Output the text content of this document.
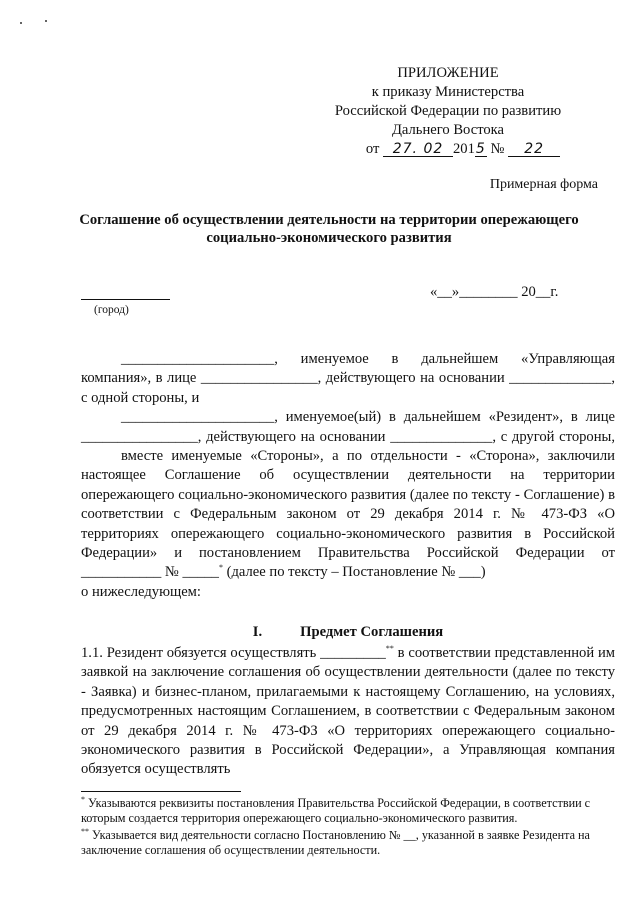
ПРИЛОЖЕНИЕ
к приказу Министерства
Российской Федерации по развитию
Дальнего Востока
от 27. 02 2015 № 22
Примерная форма
Соглашение об осуществлении деятельности на территории опережающего социально-экономического развития
(город)
«__»________ 20__г.
_____________________, именуемое в дальнейшем «Управляющая
компания», в лице ________________, действующего на основании ______________,
с одной стороны, и
_____________________, именуемое(ый) в дальнейшем «Резидент», в лице
________________, действующего на основании ______________, с другой стороны,
вместе именуемые «Стороны», а по отдельности - «Сторона», заключили настоящее Соглашение об осуществлении деятельности на территории опережающего социально-экономического развития (далее по тексту - Соглашение) в соответствии с Федеральным законом от 29 декабря 2014 г. № 473-ФЗ «О территориях опережающего социально-экономического развития в Российской Федерации» и постановлением Правительства Российской Федерации от ___________ № _____* (далее по тексту – Постановление № ___)
о нижеследующем:
I.	Предмет Соглашения
1.1. Резидент обязуется осуществлять _________** в соответствии представленной им заявкой на заключение соглашения об осуществлении деятельности (далее по тексту - Заявка) и бизнес-планом, прилагаемыми к настоящему Соглашению, на условиях, предусмотренных настоящим Соглашением, в соответствии с Федеральным законом от 29 декабря 2014 г. № 473-ФЗ «О территориях опережающего социально-экономического развития в Российской Федерации», а Управляющая компания обязуется осуществлять
* Указываются реквизиты постановления Правительства Российской Федерации, в соответствии с которым создается территория опережающего социально-экономического развития.
** Указывается вид деятельности согласно Постановлению № __, указанной в заявке Резидента на заключение соглашения об осуществлении деятельности.
